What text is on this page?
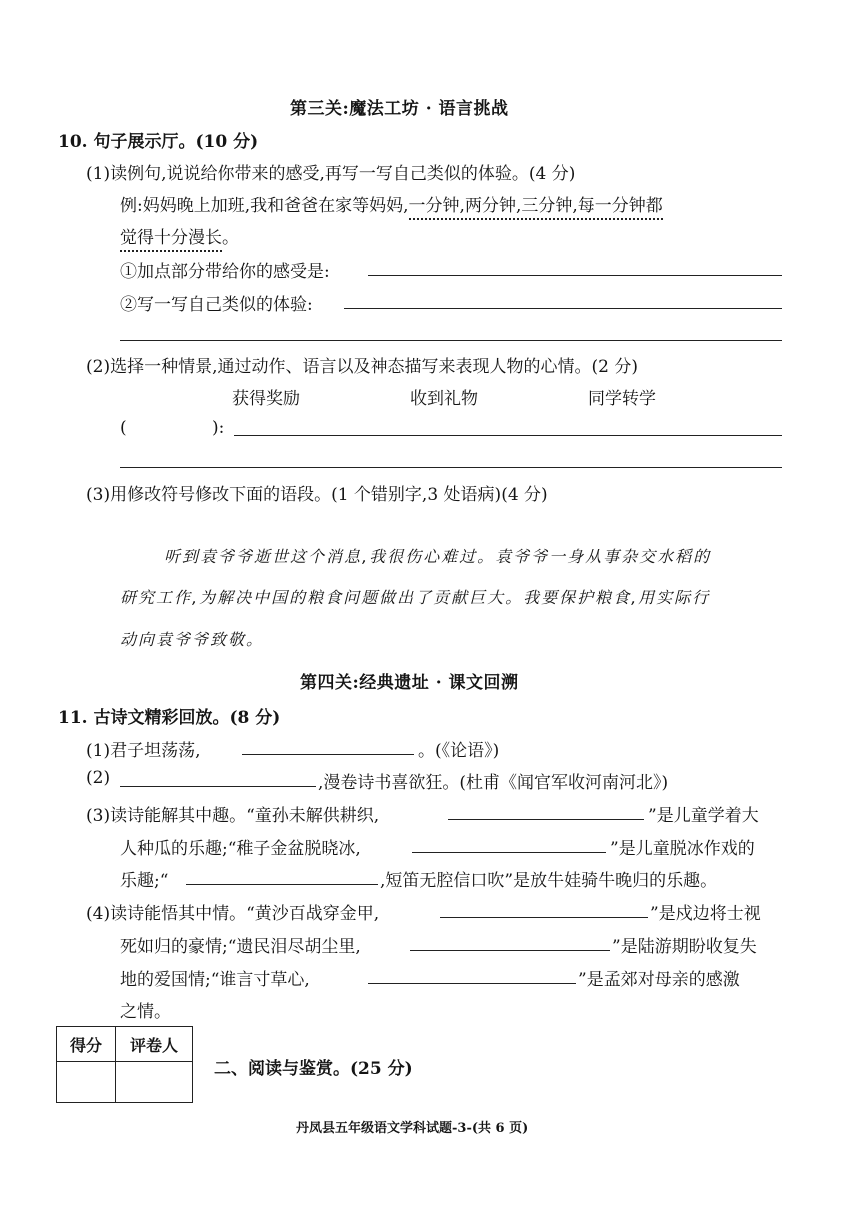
第三关:魔法工坊 · 语言挑战
10. 句子展示厅。(10 分)
(1)读例句,说说给你带来的感受,再写一写自己类似的体验。(4 分)
例:妈妈晚上加班,我和爸爸在家等妈妈,一分钟,两分钟,三分钟,每一分钟都
觉得十分漫长。
①加点部分带给你的感受是:
②写一写自己类似的体验:
(2)选择一种情景,通过动作、语言以及神态描写来表现人物的心情。(2 分)
获得奖励	收到礼物	同学转学
(	):
(3)用修改符号修改下面的语段。(1 个错别字,3 处语病)(4 分)
听到袁爷爷逝世这个消息,我很伤心难过。袁爷爷一身从事杂交水稻的
研究工作,为解决中国的粮食问题做出了贡献巨大。我要保护粮食,用实际行
动向袁爷爷致敬。
第四关:经典遗址 · 课文回溯
11. 古诗文精彩回放。(8 分)
(1)君子坦荡荡,	。(《论语》)
(2)	,漫卷诗书喜欲狂。(杜甫《闻官军收河南河北》)
(3)读诗能解其中趣。“童孙未解供耕织,	”是儿童学着大
人种瓜的乐趣;“稚子金盆脱晓冰,	”是儿童脱冰作戏的
乐趣;“	,短笛无腔信口吹”是放牛娃骑牛晚归的乐趣。
(4)读诗能悟其中情。“黄沙百战穿金甲,	”是戍边将士视
死如归的豪情;“遗民泪尽胡尘里,	”是陆游期盼收复失
地的爱国情;“谁言寸草心,	”是孟郊对母亲的感激
之情。
得分	评卷人

二、阅读与鉴赏。(25 分)
丹凤县五年级语文学科试题-3-(共 6 页)
